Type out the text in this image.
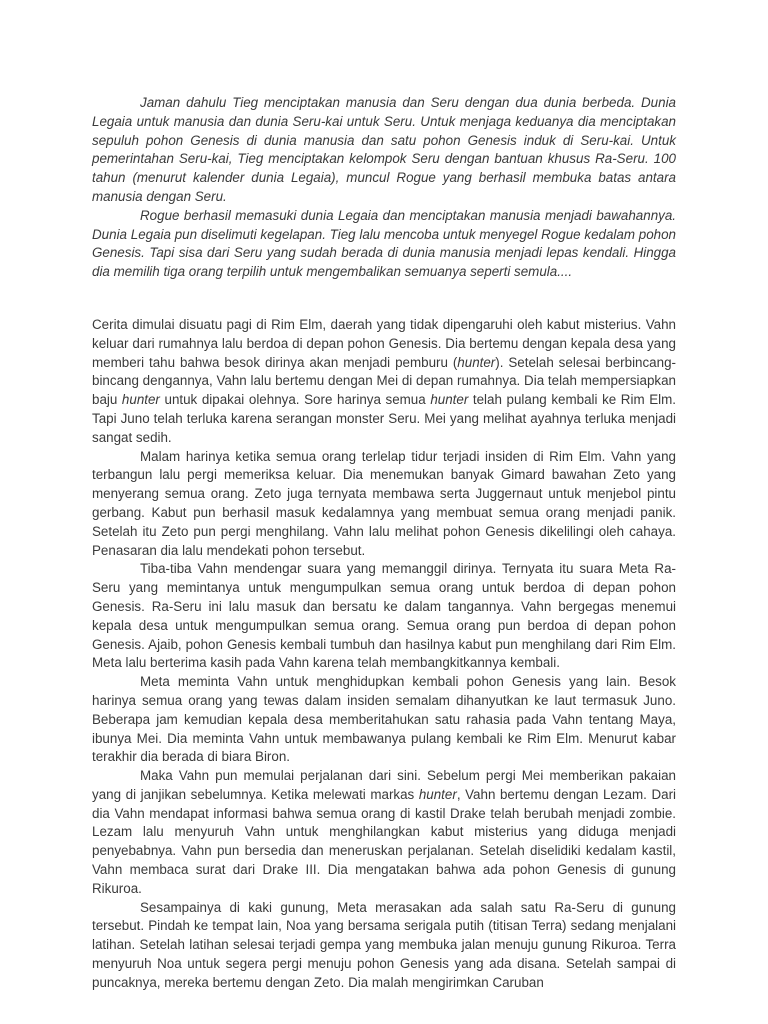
Jaman dahulu Tieg menciptakan manusia dan Seru dengan dua dunia berbeda. Dunia Legaia untuk manusia dan dunia Seru-kai untuk Seru. Untuk menjaga keduanya dia menciptakan sepuluh pohon Genesis di dunia manusia dan satu pohon Genesis induk di Seru-kai. Untuk pemerintahan Seru-kai, Tieg menciptakan kelompok Seru dengan bantuan khusus Ra-Seru. 100 tahun (menurut kalender dunia Legaia), muncul Rogue yang berhasil membuka batas antara manusia dengan Seru.

Rogue berhasil memasuki dunia Legaia dan menciptakan manusia menjadi bawahannya. Dunia Legaia pun diselimuti kegelapan. Tieg lalu mencoba untuk menyegel Rogue kedalam pohon Genesis. Tapi sisa dari Seru yang sudah berada di dunia manusia menjadi lepas kendali. Hingga dia memilih tiga orang terpilih untuk mengembalikan semuanya seperti semula....

Cerita dimulai disuatu pagi di Rim Elm, daerah yang tidak dipengaruhi oleh kabut misterius. Vahn keluar dari rumahnya lalu berdoa di depan pohon Genesis. Dia bertemu dengan kepala desa yang memberi tahu bahwa besok dirinya akan menjadi pemburu (hunter). Setelah selesai berbincang-bincang dengannya, Vahn lalu bertemu dengan Mei di depan rumahnya. Dia telah mempersiapkan baju hunter untuk dipakai olehnya. Sore harinya semua hunter telah pulang kembali ke Rim Elm. Tapi Juno telah terluka karena serangan monster Seru. Mei yang melihat ayahnya terluka menjadi sangat sedih.

Malam harinya ketika semua orang terlelap tidur terjadi insiden di Rim Elm. Vahn yang terbangun lalu pergi memeriksa keluar. Dia menemukan banyak Gimard bawahan Zeto yang menyerang semua orang. Zeto juga ternyata membawa serta Juggernaut untuk menjebol pintu gerbang. Kabut pun berhasil masuk kedalamnya yang membuat semua orang menjadi panik. Setelah itu Zeto pun pergi menghilang. Vahn lalu melihat pohon Genesis dikelilingi oleh cahaya. Penasaran dia lalu mendekati pohon tersebut.

Tiba-tiba Vahn mendengar suara yang memanggil dirinya. Ternyata itu suara Meta Ra-Seru yang memintanya untuk mengumpulkan semua orang untuk berdoa di depan pohon Genesis. Ra-Seru ini lalu masuk dan bersatu ke dalam tangannya. Vahn bergegas menemui kepala desa untuk mengumpulkan semua orang. Semua orang pun berdoa di depan pohon Genesis. Ajaib, pohon Genesis kembali tumbuh dan hasilnya kabut pun menghilang dari Rim Elm. Meta lalu berterima kasih pada Vahn karena telah membangkitkannya kembali.

Meta meminta Vahn untuk menghidupkan kembali pohon Genesis yang lain. Besok harinya semua orang yang tewas dalam insiden semalam dihanyutkan ke laut termasuk Juno. Beberapa jam kemudian kepala desa memberitahukan satu rahasia pada Vahn tentang Maya, ibunya Mei. Dia meminta Vahn untuk membawanya pulang kembali ke Rim Elm. Menurut kabar terakhir dia berada di biara Biron.

Maka Vahn pun memulai perjalanan dari sini. Sebelum pergi Mei memberikan pakaian yang di janjikan sebelumnya. Ketika melewati markas hunter, Vahn bertemu dengan Lezam. Dari dia Vahn mendapat informasi bahwa semua orang di kastil Drake telah berubah menjadi zombie. Lezam lalu menyuruh Vahn untuk menghilangkan kabut misterius yang diduga menjadi penyebabnya. Vahn pun bersedia dan meneruskan perjalanan. Setelah diselidiki kedalam kastil, Vahn membaca surat dari Drake III. Dia mengatakan bahwa ada pohon Genesis di gunung Rikuroa.

Sesampainya di kaki gunung, Meta merasakan ada salah satu Ra-Seru di gunung tersebut. Pindah ke tempat lain, Noa yang bersama serigala putih (titisan Terra) sedang menjalani latihan. Setelah latihan selesai terjadi gempa yang membuka jalan menuju gunung Rikuroa. Terra menyuruh Noa untuk segera pergi menuju pohon Genesis yang ada disana. Setelah sampai di puncaknya, mereka bertemu dengan Zeto. Dia malah mengirimkan Caruban
